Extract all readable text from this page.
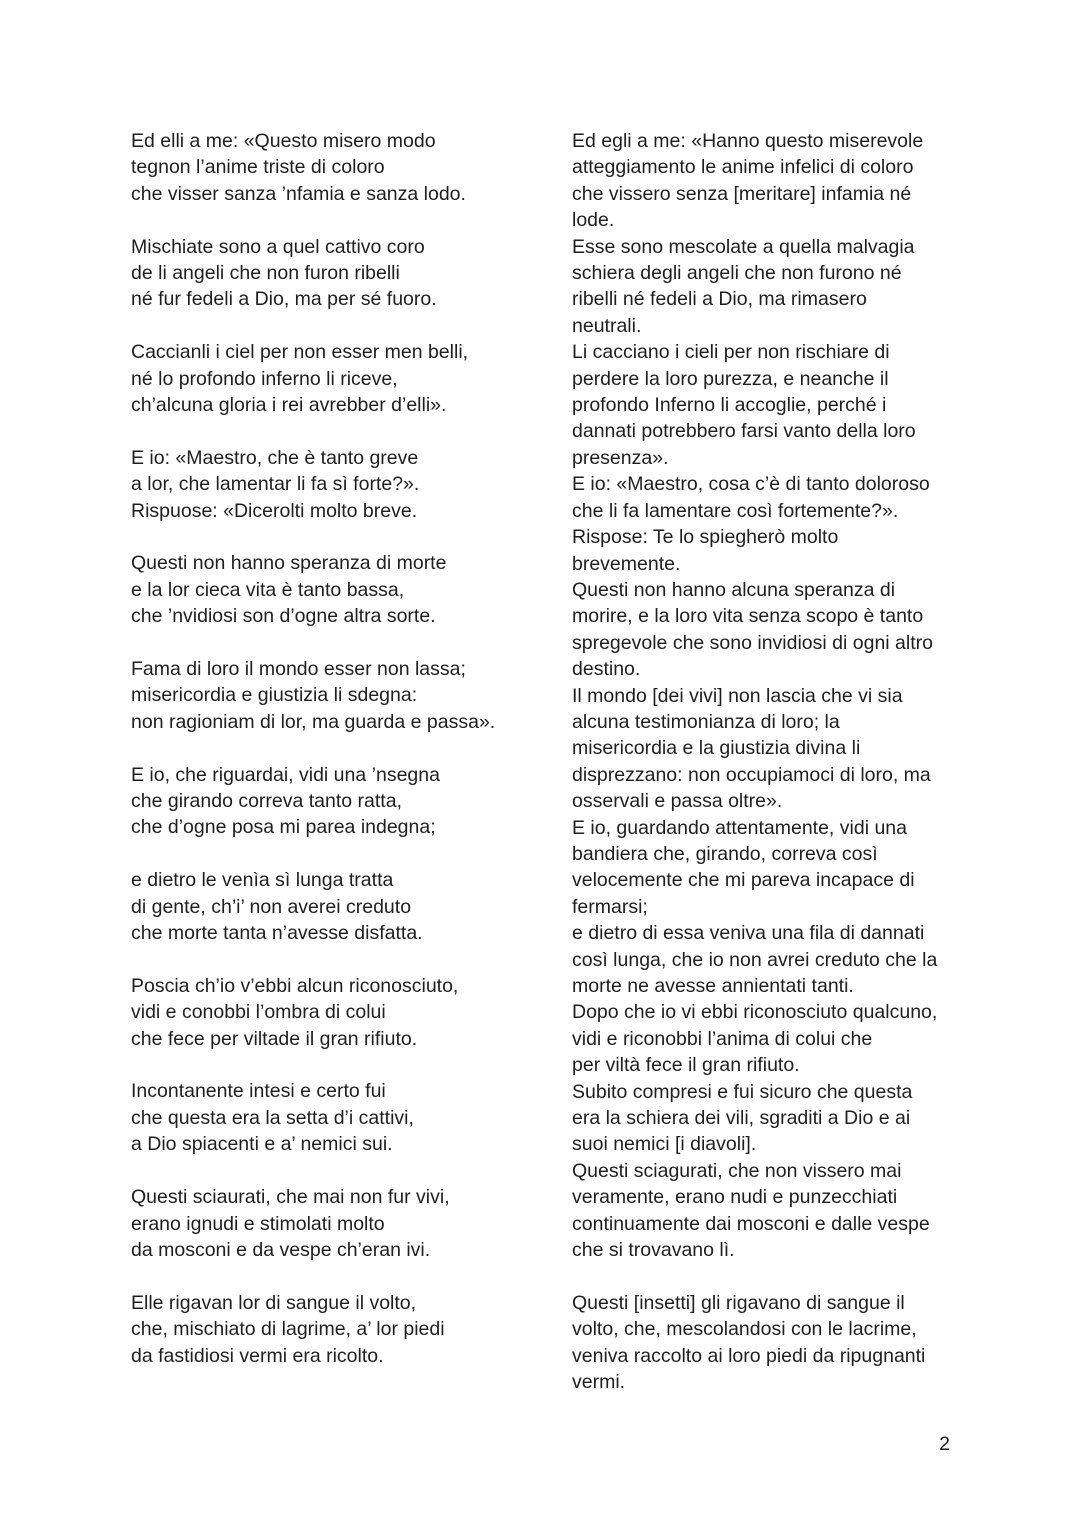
Ed elli a me: «Questo misero modo
tegnon l’anime triste di coloro
che visser sanza ’nfamia e sanza lodo.
Mischiate sono a quel cattivo coro
de li angeli che non furon ribelli
né fur fedeli a Dio, ma per sé fuoro.
Caccianli i ciel per non esser men belli,
né lo profondo inferno li riceve,
ch’alcuna gloria i rei avrebber d’elli».
E io: «Maestro, che è tanto greve
a lor, che lamentar li fa sì forte?».
Rispuose: «Dicerolti molto breve.
Questi non hanno speranza di morte
e la lor cieca vita è tanto bassa,
che ’nvidiosi son d’ogne altra sorte.
Fama di loro il mondo esser non lassa;
misericordia e giustizia li sdegna:
non ragioniam di lor, ma guarda e passa».
E io, che riguardai, vidi una ’nsegna
che girando correva tanto ratta,
che d’ogne posa mi parea indegna;
e dietro le venìa sì lunga tratta
di gente, ch’i’ non averei creduto
che morte tanta n’avesse disfatta.
Poscia ch’io v’ebbi alcun riconosciuto,
vidi e conobbi l’ombra di colui
che fece per viltade il gran rifiuto.
Incontanente intesi e certo fui
che questa era la setta d’i cattivi,
a Dio spiacenti e a’ nemici sui.
Questi sciaurati, che mai non fur vivi,
erano ignudi e stimolati molto
da mosconi e da vespe ch’eran ivi.
Elle rigavan lor di sangue il volto,
che, mischiato di lagrime, a’ lor piedi
da fastidiosi vermi era ricolto.
Ed egli a me: «Hanno questo miserevole
atteggiamento le anime infelici di coloro
che vissero senza [meritare] infamia né
lode.
Esse sono mescolate a quella malvagia
schiera degli angeli che non furono né
ribelli né fedeli a Dio, ma rimasero
neutrali.
Li cacciano i cieli per non rischiare di
perdere la loro purezza, e neanche il
profondo Inferno li accoglie, perché i
dannati potrebbero farsi vanto della loro
presenza».
E io: «Maestro, cosa c’è di tanto doloroso
che li fa lamentare così fortemente?».
Rispose: Te lo spiegherò molto
brevemente.
Questi non hanno alcuna speranza di
morire, e la loro vita senza scopo è tanto
spregevole che sono invidiosi di ogni altro
destino.
Il mondo [dei vivi] non lascia che vi sia
alcuna testimonianza di loro; la
misericordia e la giustizia divina li
disprezzano: non occupiamoci di loro, ma
osservali e passa oltre».
E io, guardando attentamente, vidi una
bandiera che, girando, correva così
velocemente che mi pareva incapace di
fermarsi;
e dietro di essa veniva una fila di dannati
così lunga, che io non avrei creduto che la
morte ne avesse annientati tanti.
Dopo che io vi ebbi riconosciuto qualcuno,
vidi e riconobbi l’anima di colui che
per viltà fece il gran rifiuto.
Subito compresi e fui sicuro che questa
era la schiera dei vili, sgraditi a Dio e ai
suoi nemici [i diavoli].
Questi sciagurati, che non vissero mai
veramente, erano nudi e punzecchiati
continuamente dai mosconi e dalle vespe
che si trovavano lì.
Questi [insetti] gli rigavano di sangue il
volto, che, mescolandosi con le lacrime,
veniva raccolto ai loro piedi da ripugnanti
vermi.
2
